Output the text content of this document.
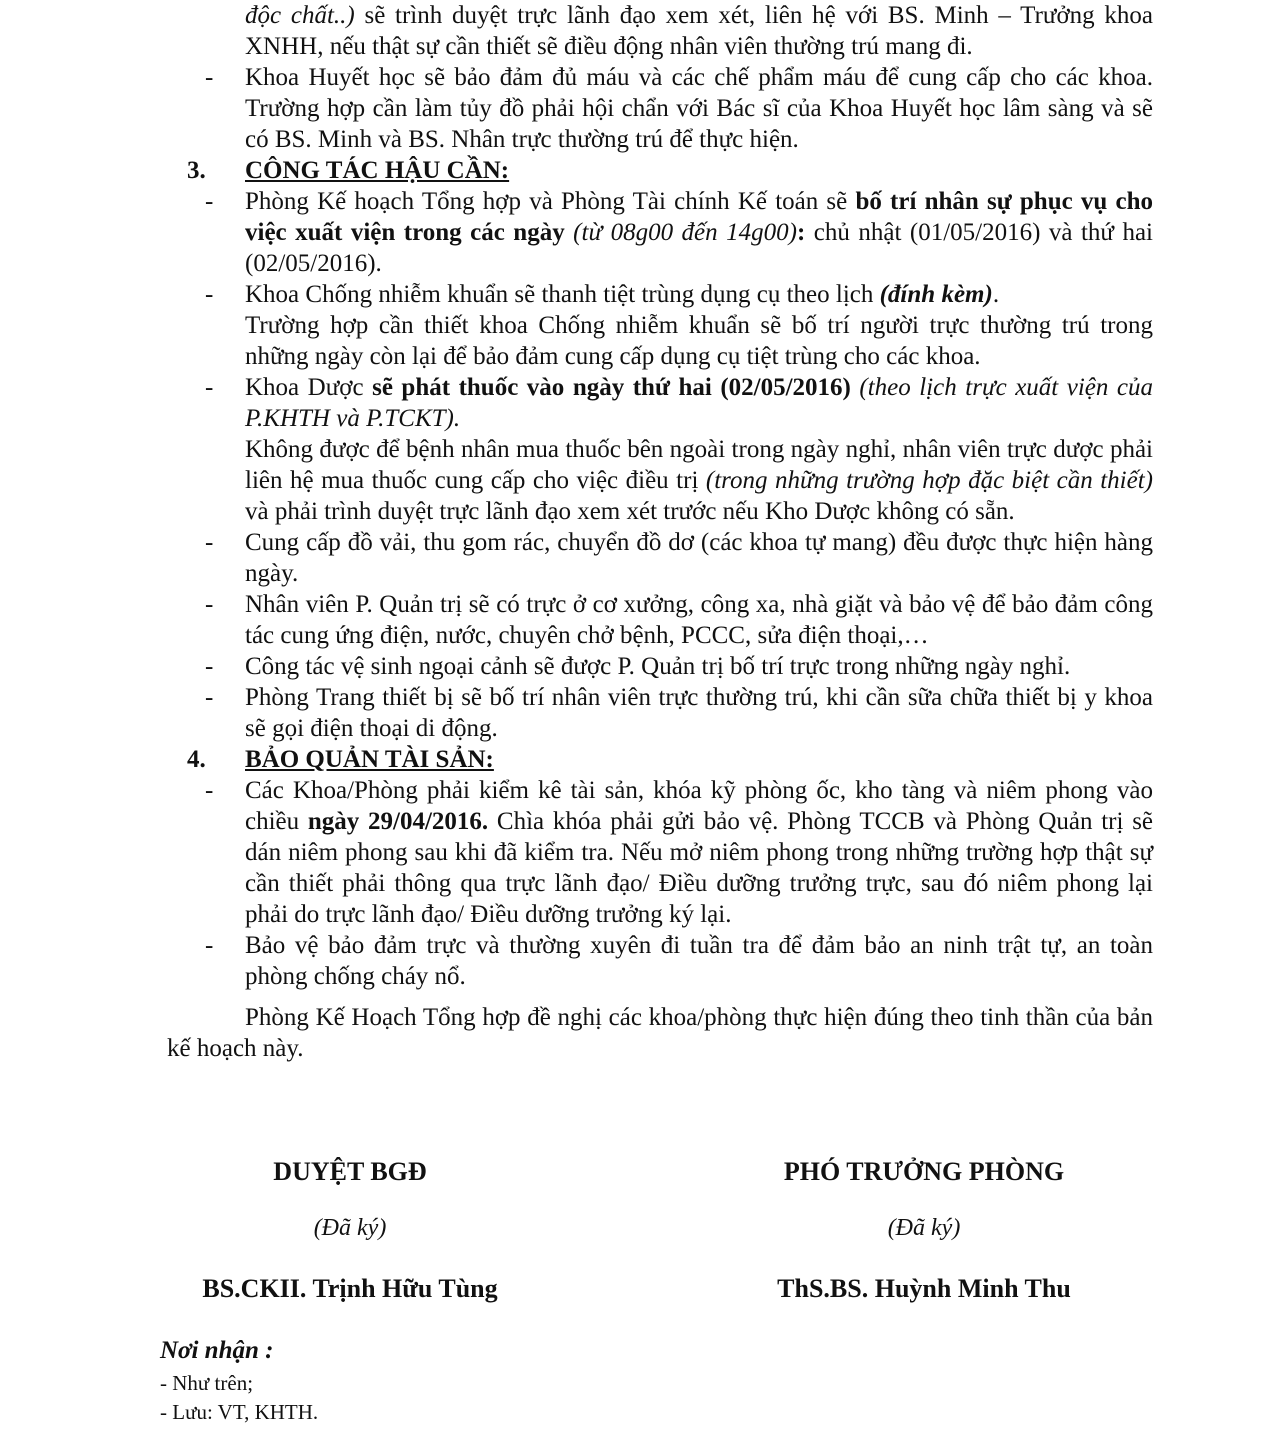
độc chất..) sẽ trình duyệt trực lãnh đạo xem xét, liên hệ với BS. Minh – Trưởng khoa XNHH, nếu thật sự cần thiết sẽ điều động nhân viên thường trú mang đi.
- Khoa Huyết học sẽ bảo đảm đủ máu và các chế phẩm máu để cung cấp cho các khoa. Trường hợp cần làm tủy đồ phải hội chẩn với Bác sĩ của Khoa Huyết học lâm sàng và sẽ có BS. Minh và BS. Nhân trực thường trú để thực hiện.
3. CÔNG TÁC HẬU CẦN:
- Phòng Kế hoạch Tổng hợp và Phòng Tài chính Kế toán sẽ bố trí nhân sự phục vụ cho việc xuất viện trong các ngày (từ 08g00 đến 14g00): chủ nhật (01/05/2016) và thứ hai (02/05/2016).
- Khoa Chống nhiễm khuẩn sẽ thanh tiệt trùng dụng cụ theo lịch (đính kèm).
Trường hợp cần thiết khoa Chống nhiễm khuẩn sẽ bố trí người trực thường trú trong những ngày còn lại để bảo đảm cung cấp dụng cụ tiệt trùng cho các khoa.
- Khoa Dược sẽ phát thuốc vào ngày thứ hai (02/05/2016) (theo lịch trực xuất viện của P.KHTH và P.TCKT).
Không được để bệnh nhân mua thuốc bên ngoài trong ngày nghỉ, nhân viên trực dược phải liên hệ mua thuốc cung cấp cho việc điều trị (trong những trường hợp đặc biệt cần thiết) và phải trình duyệt trực lãnh đạo xem xét trước nếu Kho Dược không có sẵn.
- Cung cấp đồ vải, thu gom rác, chuyển đồ dơ (các khoa tự mang) đều được thực hiện hàng ngày.
- Nhân viên P. Quản trị sẽ có trực ở cơ xưởng, công xa, nhà giặt và bảo vệ để bảo đảm công tác cung ứng điện, nước, chuyên chở bệnh, PCCC, sửa điện thoại,…
- Công tác vệ sinh ngoại cảnh sẽ được P. Quản trị bố trí trực trong những ngày nghỉ.
- Phòng Trang thiết bị sẽ bố trí nhân viên trực thường trú, khi cần sữa chữa thiết bị y khoa sẽ gọi điện thoại di động.
4. BẢO QUẢN TÀI SẢN:
- Các Khoa/Phòng phải kiểm kê tài sản, khóa kỹ phòng ốc, kho tàng và niêm phong vào chiều ngày 29/04/2016. Chìa khóa phải gửi bảo vệ. Phòng TCCB và Phòng Quản trị sẽ dán niêm phong sau khi đã kiểm tra. Nếu mở niêm phong trong những trường hợp thật sự cần thiết phải thông qua trực lãnh đạo/ Điều dưỡng trưởng trực, sau đó niêm phong lại phải do trực lãnh đạo/ Điều dưỡng trưởng ký lại.
- Bảo vệ bảo đảm trực và thường xuyên đi tuần tra để đảm bảo an ninh trật tự, an toàn phòng chống cháy nổ.
Phòng Kế Hoạch Tổng hợp đề nghị các khoa/phòng thực hiện đúng theo tinh thần của bản kế hoạch này.
DUYỆT BGĐ
(Đã ký)
BS.CKII. Trịnh Hữu Tùng
PHÓ TRƯỞNG PHÒNG
(Đã ký)
ThS.BS. Huỳnh Minh Thu
Nơi nhận :
- Như trên;
- Lưu: VT, KHTH.
